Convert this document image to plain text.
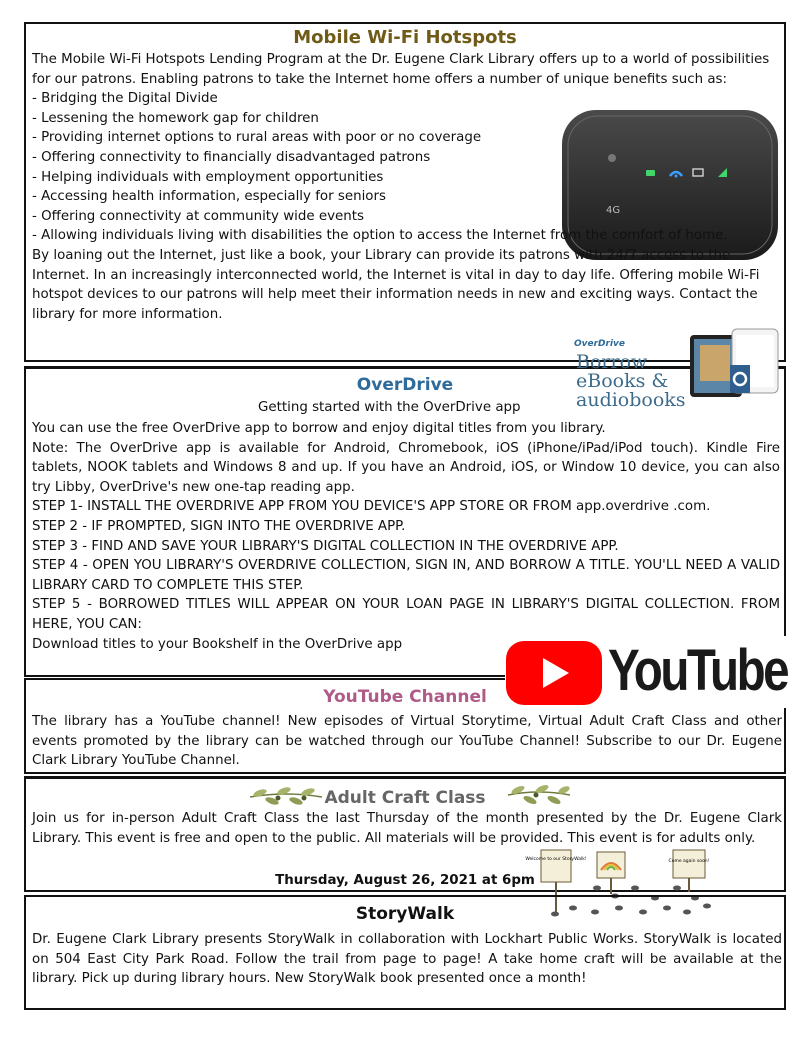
Mobile Wi-Fi Hotspots
4G

The Mobile Wi-Fi Hotspots Lending Program at the Dr. Eugene Clark Library offers up to a world of possibilities for our patrons. Enabling patrons to take the Internet home offers a number of unique benefits such as:

- Bridging the Digital Divide

- Lessening the homework gap for children

- Providing internet options to rural areas with poor or no coverage

- Offering connectivity to financially disadvantaged patrons

- Helping individuals with employment opportunities

- Accessing health information, especially for seniors

- Offering connectivity at community wide events

- Allowing individuals living with disabilities the option to access the Internet from the comfort of home.

By loaning out the Internet, just like a book, your Library can provide its patrons with 24/7 access to the Internet. In an increasingly interconnected world, the Internet is vital in day to day life. Offering mobile Wi-Fi hotspot devices to our patrons will help meet their information needs in new and exciting ways. Contact the library for more information.

OverDrive
OverDrive
Borrow
eBooks &
audiobooks
Getting started with the OverDrive app

You can use the free OverDrive app to borrow and enjoy digital titles from you library.

Note: The OverDrive app is available for Android, Chromebook, iOS (iPhone/iPad/iPod touch). Kindle Fire tablets, NOOK tablets and Windows 8 and up. If you have an Android, iOS, or Window 10 device, you can also try Libby, OverDrive's new one-tap reading app.

STEP 1- INSTALL THE OVERDRIVE APP FROM YOU DEVICE'S APP STORE OR FROM app.overdrive .com.

STEP 2 - IF PROMPTED, SIGN INTO THE OVERDRIVE APP.

STEP 3 - FIND AND SAVE YOUR LIBRARY'S DIGITAL COLLECTION IN THE OVERDRIVE APP.

STEP 4 - OPEN YOU LIBRARY'S OVERDRIVE COLLECTION, SIGN IN, AND BORROW A TITLE. YOU'LL NEED A VALID LIBRARY CARD TO COMPLETE THIS STEP.

STEP 5 - BORROWED TITLES WILL APPEAR ON YOUR LOAN PAGE IN LIBRARY'S DIGITAL COLLECTION. FROM HERE, YOU CAN:

Download titles to your Bookshelf in the OverDrive app

YouTube Channel

The library has a YouTube channel! New episodes of Virtual Storytime, Virtual Adult Craft Class and other events promoted by the library can be watched through our YouTube Channel! Subscribe to our Dr. Eugene Clark Library YouTube Channel.

YouTube
Adult Craft Class

Join us for in-person Adult Craft Class the last Thursday of the month presented by the Dr. Eugene Clark Library. This event is free and open to the public. All materials will be provided. This event is for adults only.

Thursday, August 26, 2021 at 6pm
Welcome to our StoryWalk!	Come again soon!
StoryWalk

Dr. Eugene Clark Library presents StoryWalk in collaboration with Lockhart Public Works. StoryWalk is located on 504 East City Park Road. Follow the trail from page to page! A take home craft will be available at the library. Pick up during library hours. New StoryWalk book presented once a month!
